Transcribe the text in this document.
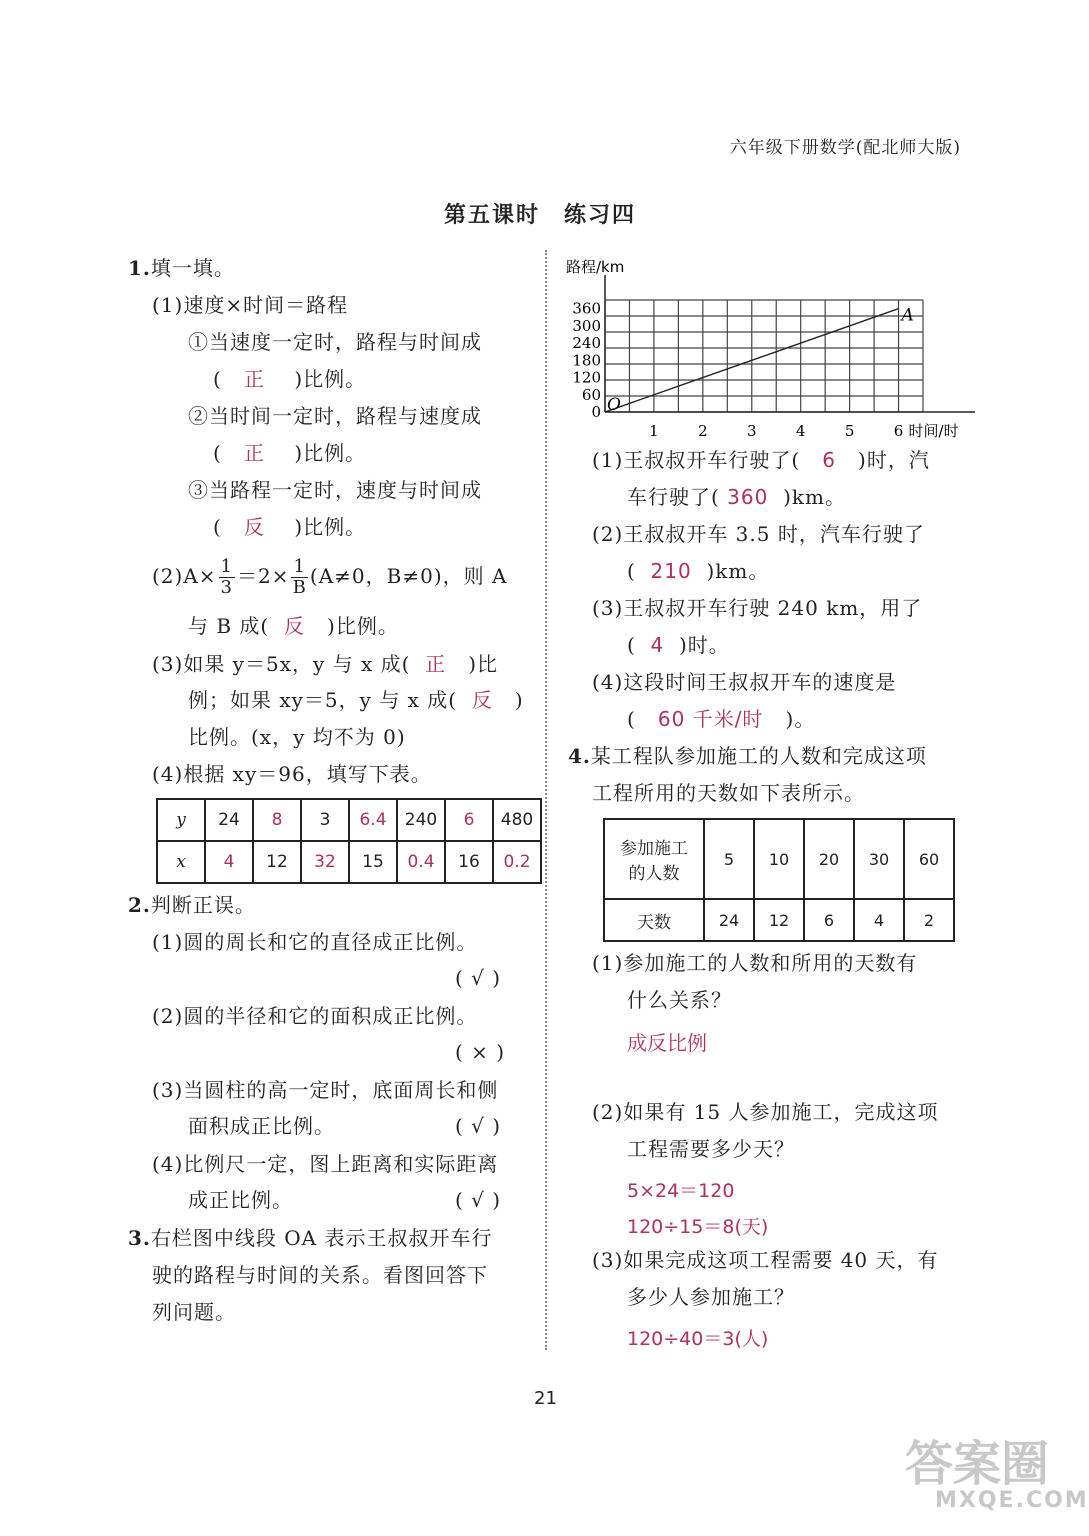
六年级下册数学(配北师大版)
第五课时　练习四
1.填一填。
(1)速度×时间＝路程
①当速度一定时，路程与时间成
( 正 )比例。
②当时间一定时，路程与速度成
( 正 )比例。
③当路程一定时，速度与时间成
( 反 )比例。
$(2)A\times \frac{1}{3} =2\times \frac{1}{B} (A\ne 0$，B≠0)，则 A
与 B 成( 反 )比例。
(3)如果 y＝5x，y 与 x 成( 正 )比
例；如果 xy＝5，y 与 x 成( 反 )
比例。(x，y 均不为 0)
(4)根据 xy＝96，填写下表。
y	24	8	3	6.4	240	6	480
x	4	12	32	15	0.4	16	0.2
2.判断正误。
(1)圆的周长和它的直径成正比例。
( √ )
(2)圆的半径和它的面积成正比例。
( × )
(3)当圆柱的高一定时，底面周长和侧
面积成正比例。	( √ )
(4)比例尺一定，图上距离和实际距离
成正比例。	( √ )
3.右栏图中线段 OA 表示王叔叔开车行
驶的路程与时间的关系。看图回答下
列问题。
60
120
180
240
300
360
0
1	2	3	4	5	6 时间/时
路程/km
O
A
(1)王叔叔开车行驶了( 6 )时，汽
车行驶了( 360 )km。
(2)王叔叔开车 3.5 时，汽车行驶了
( 210 )km。
(3)王叔叔开车行驶 240 km，用了
( 4 )时。
(4)这段时间王叔叔开车的速度是
( 60 千米/时 )。
4.某工程队参加施工的人数和完成这项
工程所用的天数如下表所示。
参加施工
的人数	5	10	20	30	60
天数	24	12	6	4	2
(1)参加施工的人数和所用的天数有
什么关系？
成反比例
(2)如果有 15 人参加施工，完成这项
工程需要多少天？
5×24＝120
120÷15＝8(天)
(3)如果完成这项工程需要 40 天，有
多少人参加施工？
120÷40＝3(人)
21
答案圈
MXQE.COM
